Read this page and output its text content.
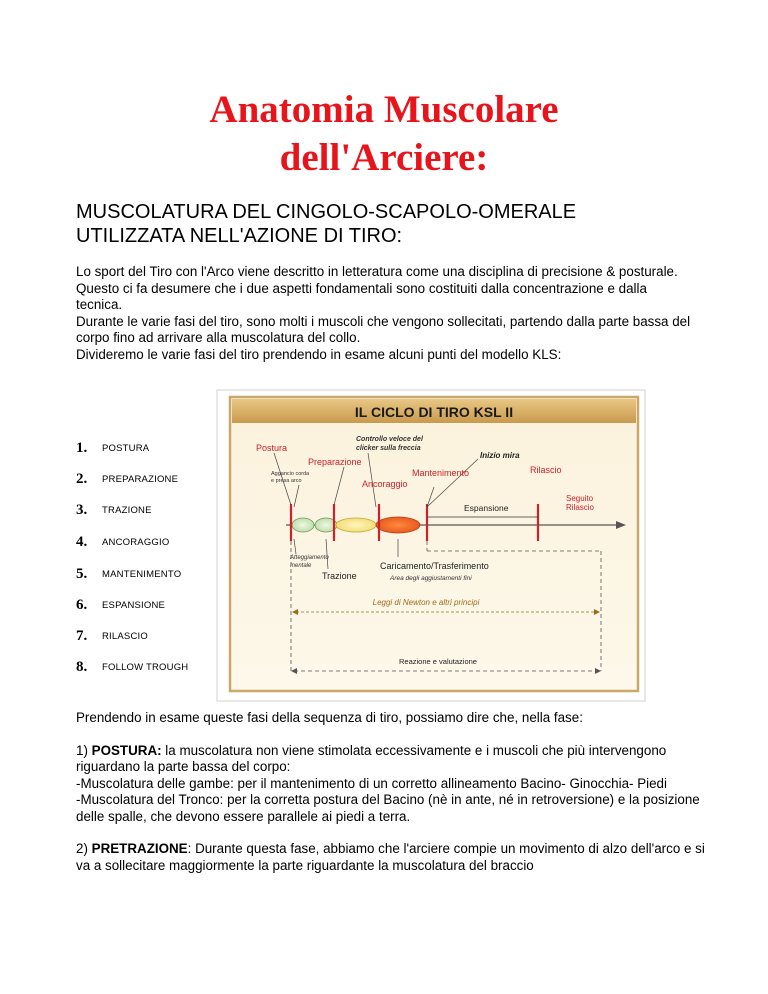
Anatomia Muscolare
dell'Arciere:
MUSCOLATURA DEL CINGOLO-SCAPOLO-OMERALE
UTILIZZATA NELL'AZIONE DI TIRO:

Lo sport del Tiro con l'Arco viene descritto in letteratura come una disciplina di precisione & posturale.

Questo ci fa desumere che i due aspetti fondamentali sono costituiti dalla concentrazione e dalla tecnica.

Durante le varie fasi del tiro, sono molti i muscoli che vengono sollecitati, partendo dalla parte bassa del corpo fino ad arrivare alla muscolatura del collo.

Divideremo le varie fasi del tiro prendendo in esame alcuni punti del modello KLS:

1.	POSTURA
2.	PREPARAZIONE
3.	TRAZIONE
4.	ANCORAGGIO
5.	MANTENIMENTO
6.	ESPANSIONE
7.	RILASCIO
8.	FOLLOW TROUGH
IL CICLO DI TIRO KSL II
Postura
Controllo veloce del
clicker sulla freccia
Preparazione
Mantenimento
Inizio mira
Rilascio
Aggancio corda
e presa arco	Ancoraggio
Espansione
Seguito
Rilascio
Atteggiamento
mentale
Trazione
Caricamento/Trasferimento
Area degli aggiustamenti fini
Leggi di Newton e altri principi
Reazione e valutazione

Prendendo in esame queste fasi della sequenza di tiro, possiamo dire che, nella fase:

1) POSTURA: la muscolatura non viene stimolata eccessivamente e i muscoli che più intervengono riguardano la parte bassa del corpo:

-Muscolatura delle gambe: per il mantenimento di un corretto allineamento Bacino- Ginocchia- Piedi

-Muscolatura del Tronco: per la corretta postura del Bacino (nè in ante, né in retroversione) e la posizione delle spalle, che devono essere parallele ai piedi a terra.

2) PRETRAZIONE: Durante questa fase, abbiamo che l'arciere compie un movimento di alzo dell'arco e si va a sollecitare maggiormente la parte riguardante la muscolatura del braccio
